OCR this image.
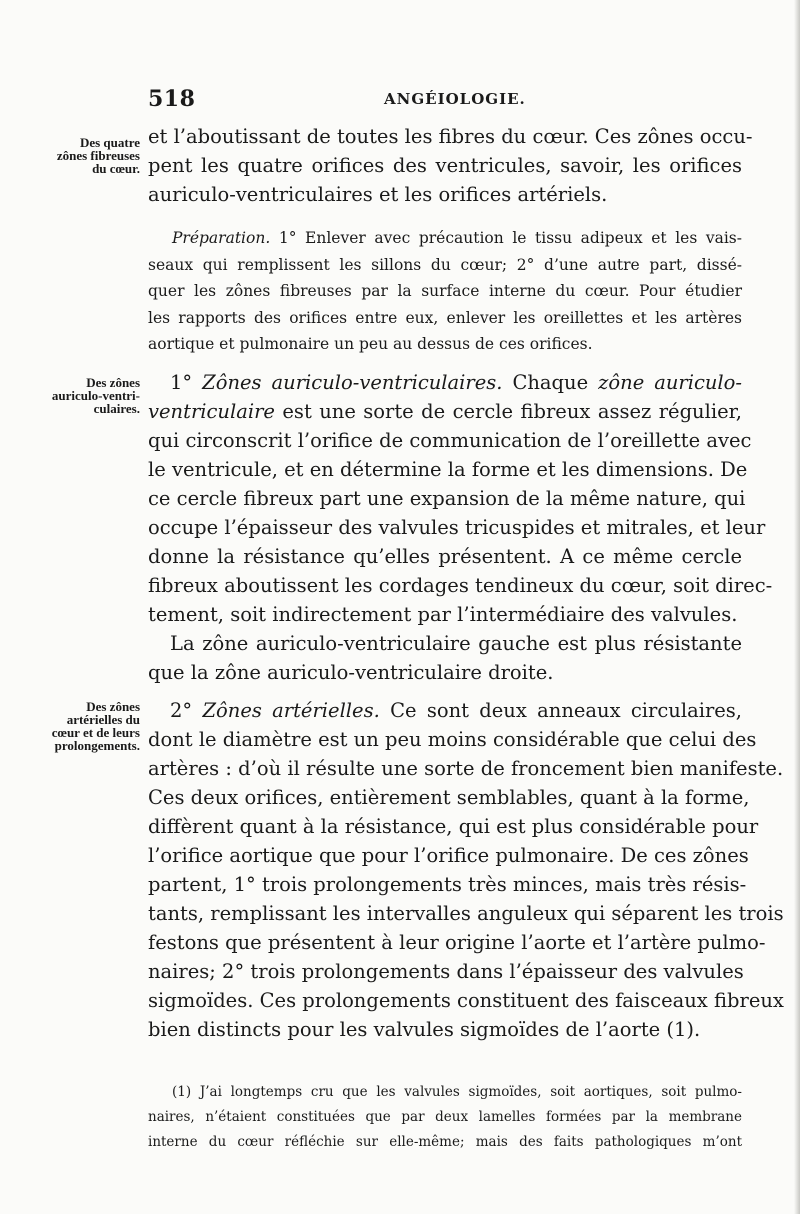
518	ANGÉIOLOGIE.
Des quatre
zônes fibreuses
du cœur.
Des zônes
auriculo-ventri-
culaires.
Des zônes
artérielles du
cœur et de leurs
prolongements.
et l’aboutissant de toutes les fibres du cœur. Ces zônes occu-
pent les quatre orifices des ventricules, savoir, les orifices
auriculo-ventriculaires et les orifices artériels.
Préparation. 1° Enlever avec précaution le tissu adipeux et les vais-
seaux qui remplissent les sillons du cœur; 2° d’une autre part, dissé-
quer les zônes fibreuses par la surface interne du cœur. Pour étudier
les rapports des orifices entre eux, enlever les oreillettes et les artères
aortique et pulmonaire un peu au dessus de ces orifices.
1° Zônes auriculo-ventriculaires. Chaque zône auriculo-
ventriculaire est une sorte de cercle fibreux assez régulier,
qui circonscrit l’orifice de communication de l’oreillette avec
le ventricule, et en détermine la forme et les dimensions. De
ce cercle fibreux part une expansion de la même nature, qui
occupe l’épaisseur des valvules tricuspides et mitrales, et leur
donne la résistance qu’elles présentent. A ce même cercle
fibreux aboutissent les cordages tendineux du cœur, soit direc-
tement, soit indirectement par l’intermédiaire des valvules.
La zône auriculo-ventriculaire gauche est plus résistante
que la zône auriculo-ventriculaire droite.
2° Zônes artérielles. Ce sont deux anneaux circulaires,
dont le diamètre est un peu moins considérable que celui des
artères : d’où il résulte une sorte de froncement bien manifeste.
Ces deux orifices, entièrement semblables, quant à la forme,
diffèrent quant à la résistance, qui est plus considérable pour
l’orifice aortique que pour l’orifice pulmonaire. De ces zônes
partent, 1° trois prolongements très minces, mais très résis-
tants, remplissant les intervalles anguleux qui séparent les trois
festons que présentent à leur origine l’aorte et l’artère pulmo-
naires; 2° trois prolongements dans l’épaisseur des valvules
sigmoïdes. Ces prolongements constituent des faisceaux fibreux
bien distincts pour les valvules sigmoïdes de l’aorte (1).
(1) J’ai longtemps cru que les valvules sigmoïdes, soit aortiques, soit pulmo-
naires, n’étaient constituées que par deux lamelles formées par la membrane
interne du cœur réfléchie sur elle-même; mais des faits pathologiques m’ont
